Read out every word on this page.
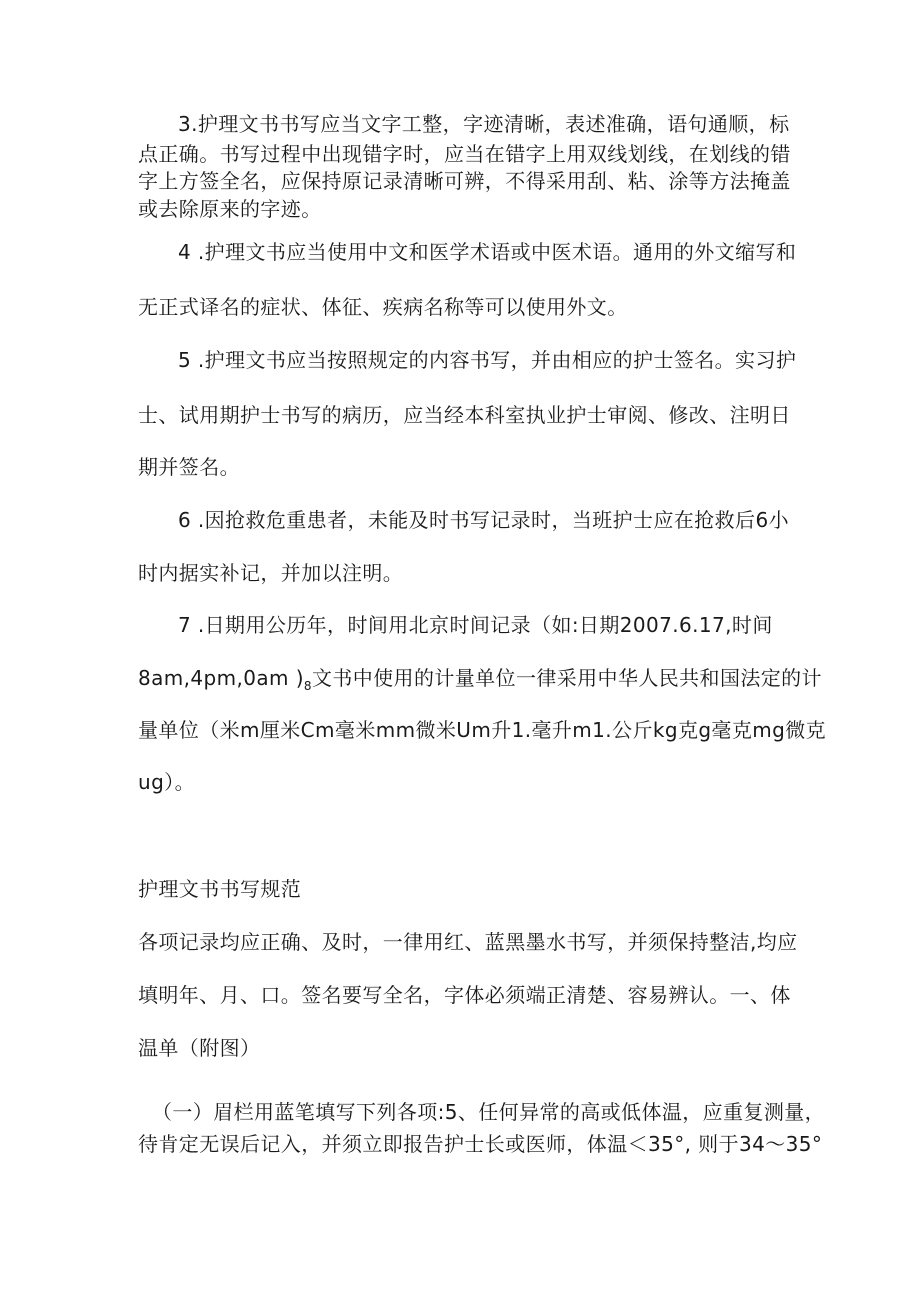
3.护理文书书写应当文字工整，字迹清晰，表述准确，语句通顺，标
点正确。书写过程中出现错字时，应当在错字上用双线划线，在划线的错
字上方签全名，应保持原记录清晰可辨，不得采用刮、粘、涂等方法掩盖
或去除原来的字迹。
4 .护理文书应当使用中文和医学术语或中医术语。通用的外文缩写和
无正式译名的症状、体征、疾病名称等可以使用外文。
5 .护理文书应当按照规定的内容书写，并由相应的护士签名。实习护
士、试用期护士书写的病历，应当经本科室执业护士审阅、修改、注明日
期并签名。
6 .因抢救危重患者，未能及时书写记录时，当班护士应在抢救后6小
时内据实补记，并加以注明。
7 .日期用公历年，时间用北京时间记录（如:日期2007.6.17,时间
8am,4pm,0am )$_8$文书中使用的计量单位一律采用中华人民共和国法定的计
量单位（米m厘米Cm毫米mm微米Um升1.毫升m1.公斤kg克g毫克mg微克
ug）。
护理文书书写规范
各项记录均应正确、及时，一律用红、蓝黑墨水书写，并须保持整洁,均应
填明年、月、口。签名要写全名，字体必须端正清楚、容易辨认。一、体
温单（附图）
（一）眉栏用蓝笔填写下列各项:5、任何异常的高或低体温，应重复测量，
待肯定无误后记入，并须立即报告护士长或医师，体温＜35°, 则于34～35°
